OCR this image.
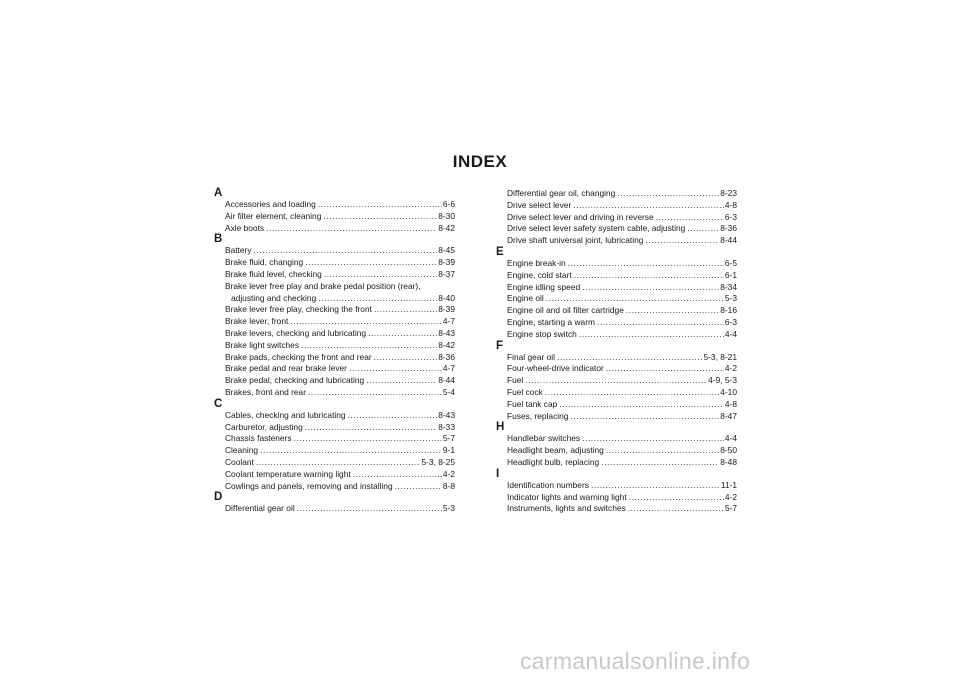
INDEX
A
Accessories and loading .....	6-6
Air filter element, cleaning .....	8-30
Axle boots .....	8-42
B
Battery .....	8-45
Brake fluid, changing .....	8-39
Brake fluid level, checking .....	8-37
Brake lever free play and brake pedal position (rear),
adjusting and checking .....	8-40
Brake lever free play, checking the front .....	8-39
Brake lever, front .....	4-7
Brake levers, checking and lubricating .....	8-43
Brake light switches .....	8-42
Brake pads, checking the front and rear .....	8-36
Brake pedal and rear brake lever .....	4-7
Brake pedal, checking and lubricating .....	8-44
Brakes, front and rear .....	5-4
C
Cables, checking and lubricating .....	8-43
Carburetor, adjusting .....	8-33
Chassis fasteners .....	5-7
Cleaning .....	9-1
Coolant .....	5-3, 8-25
Coolant temperature warning light .....	4-2
Cowlings and panels, removing and installing .....	8-8
D
Differential gear oil .....	5-3
Differential gear oil, changing .....	8-23
Drive select lever .....	4-8
Drive select lever and driving in reverse .....	6-3
Drive select lever safety system cable, adjusting .....	8-36
Drive shaft universal joint, lubricating .....	8-44
E
Engine break-in .....	6-5
Engine, cold start .....	6-1
Engine idling speed .....	8-34
Engine oil .....	5-3
Engine oil and oil filter cartridge .....	8-16
Engine, starting a warm .....	6-3
Engine stop switch .....	4-4
F
Final gear oil .....	5-3, 8-21
Four-wheel-drive indicator .....	4-2
Fuel .....	4-9, 5-3
Fuel cock .....	4-10
Fuel tank cap .....	4-8
Fuses, replacing .....	8-47
H
Handlebar switches .....	4-4
Headlight beam, adjusting .....	8-50
Headlight bulb, replacing .....	8-48
I
Identification numbers .....	11-1
Indicator lights and warning light .....	4-2
Instruments, lights and switches .....	5-7
carmanualsonline.info
